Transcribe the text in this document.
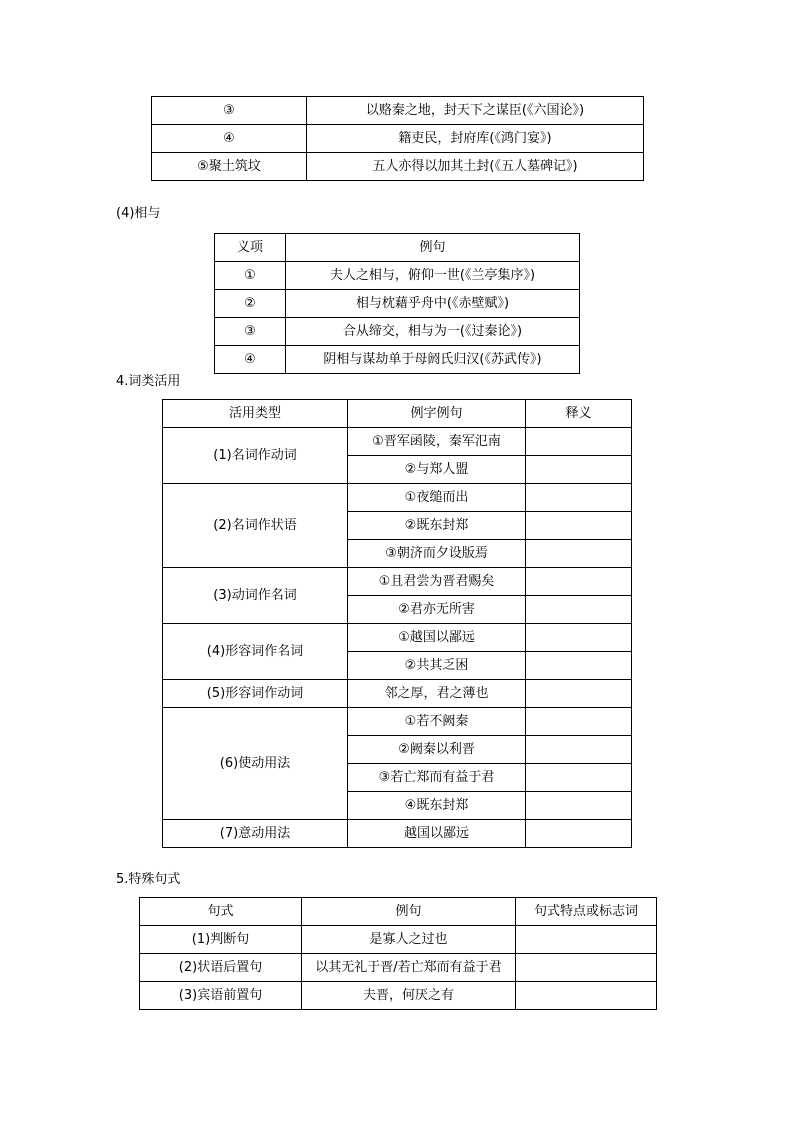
③	以赂秦之地，封天下之谋臣(《六国论》)
④	籍吏民，封府库(《鸿门宴》)
⑤聚土筑坟	五人亦得以加其土封(《五人墓碑记》)
(4)相与
义项	例句
①	夫人之相与，俯仰一世(《兰亭集序》)
②	相与枕藉乎舟中(《赤壁赋》)
③	合从缔交，相与为一(《过秦论》)
④	阴相与谋劫单于母阏氏归汉(《苏武传》)
4.词类活用
活用类型	例字例句	释义
(1)名词作动词	①晋军函陵，秦军氾南	
	②与郑人盟	
(2)名词作状语	①夜缒而出	
	②既东封郑	
	③朝济而夕设版焉	
(3)动词作名词	①且君尝为晋君赐矣	
	②君亦无所害	
(4)形容词作名词	①越国以鄙远	
	②共其乏困	
(5)形容词作动词	邻之厚，君之薄也	
(6)使动用法	①若不阙秦	
	②阙秦以利晋	
	③若亡郑而有益于君	
	④既东封郑	
(7)意动用法	越国以鄙远	
5.特殊句式
句式	例句	句式特点或标志词
(1)判断句	是寡人之过也	
(2)状语后置句	以其无礼于晋/若亡郑而有益于君	
(3)宾语前置句	夫晋，何厌之有	
